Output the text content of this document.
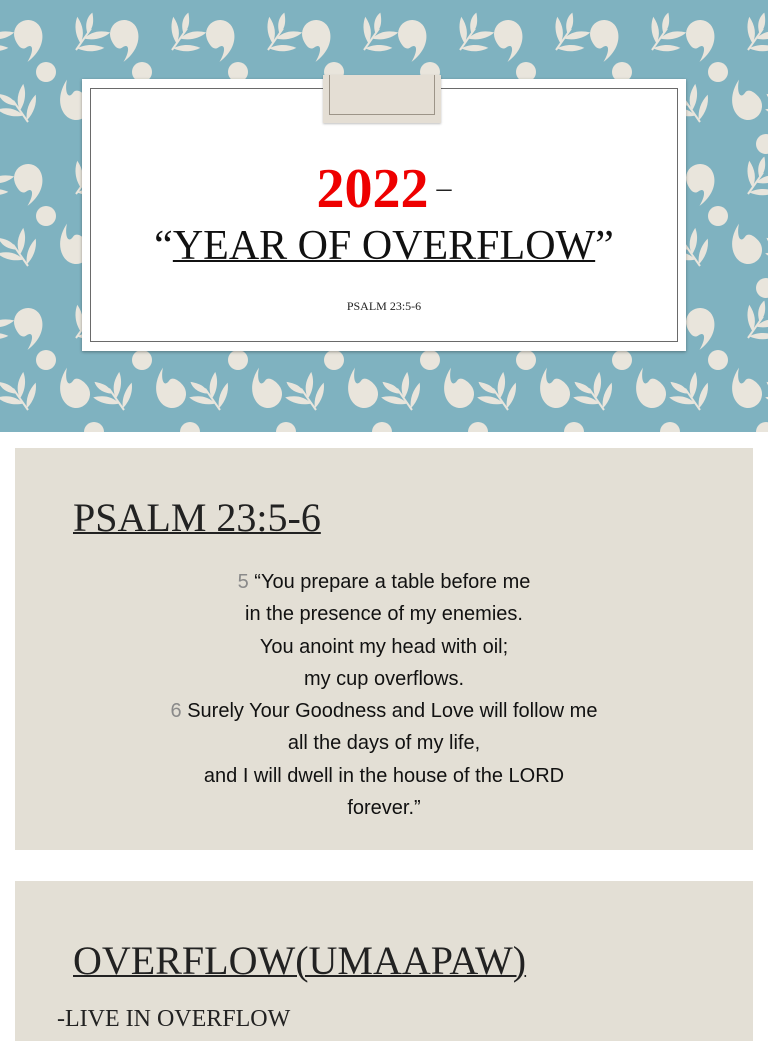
2022 –
“YEAR OF OVERFLOW”
PSALM 23:5-6
PSALM 23:5-6
5 “You prepare a table before me
in the presence of my enemies.
You anoint my head with oil;
my cup overflows.
6 Surely Your Goodness and Love will follow me
all the days of my life,
and I will dwell in the house of the LORD
forever.”
OVERFLOW(UMAAPAW)
-LIVE IN OVERFLOW
